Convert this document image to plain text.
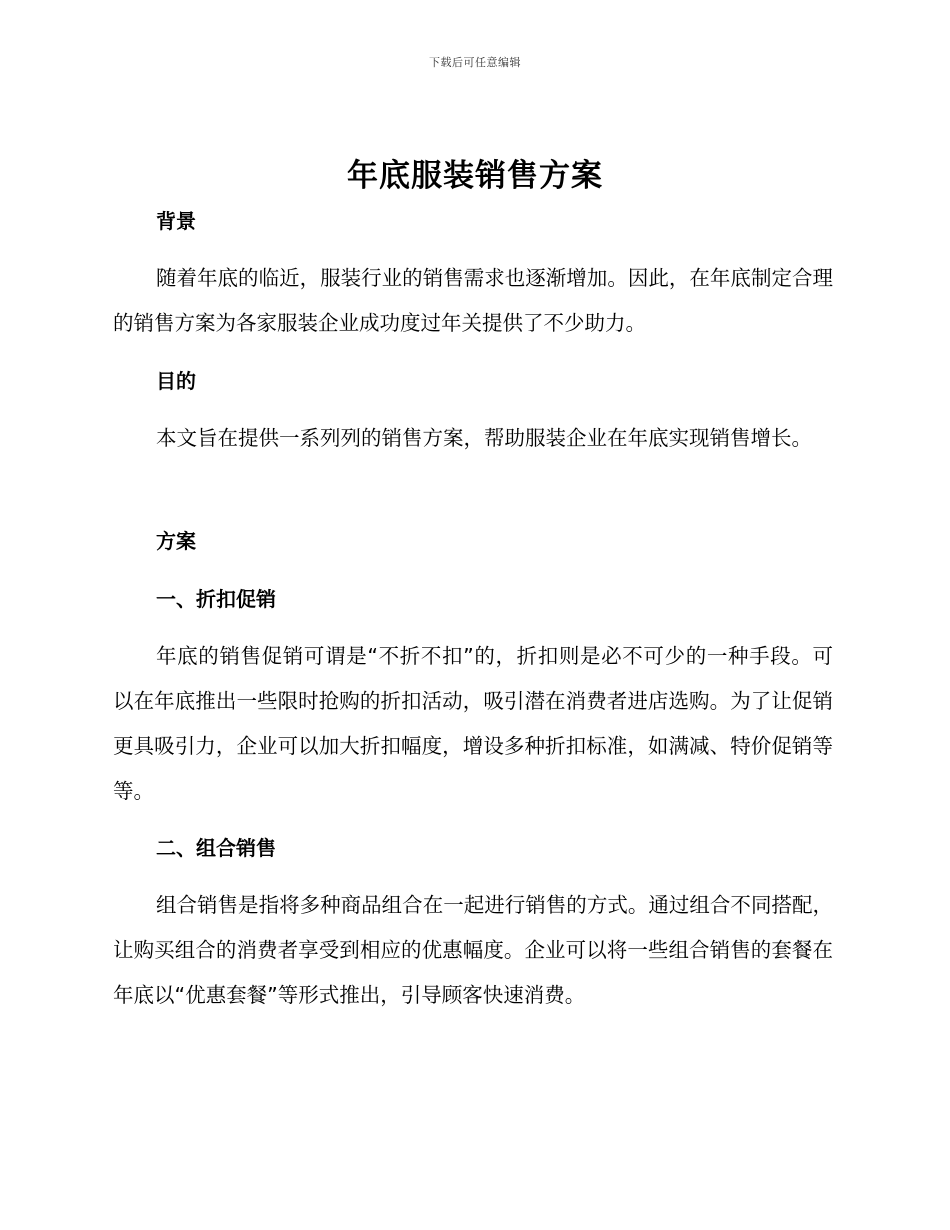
下载后可任意编辑
年底服装销售方案
背景
随着年底的临近，服装行业的销售需求也逐渐增加。因此，在年底制定合理的销售方案为各家服装企业成功度过年关提供了不少助力。
目的
本文旨在提供一系列列的销售方案，帮助服装企业在年底实现销售增长。
方案
一、折扣促销
年底的销售促销可谓是“不折不扣”的，折扣则是必不可少的一种手段。可以在年底推出一些限时抢购的折扣活动，吸引潜在消费者进店选购。为了让促销更具吸引力，企业可以加大折扣幅度，增设多种折扣标准，如满减、特价促销等等。
二、组合销售
组合销售是指将多种商品组合在一起进行销售的方式。通过组合不同搭配，让购买组合的消费者享受到相应的优惠幅度。企业可以将一些组合销售的套餐在年底以“优惠套餐”等形式推出，引导顾客快速消费。
